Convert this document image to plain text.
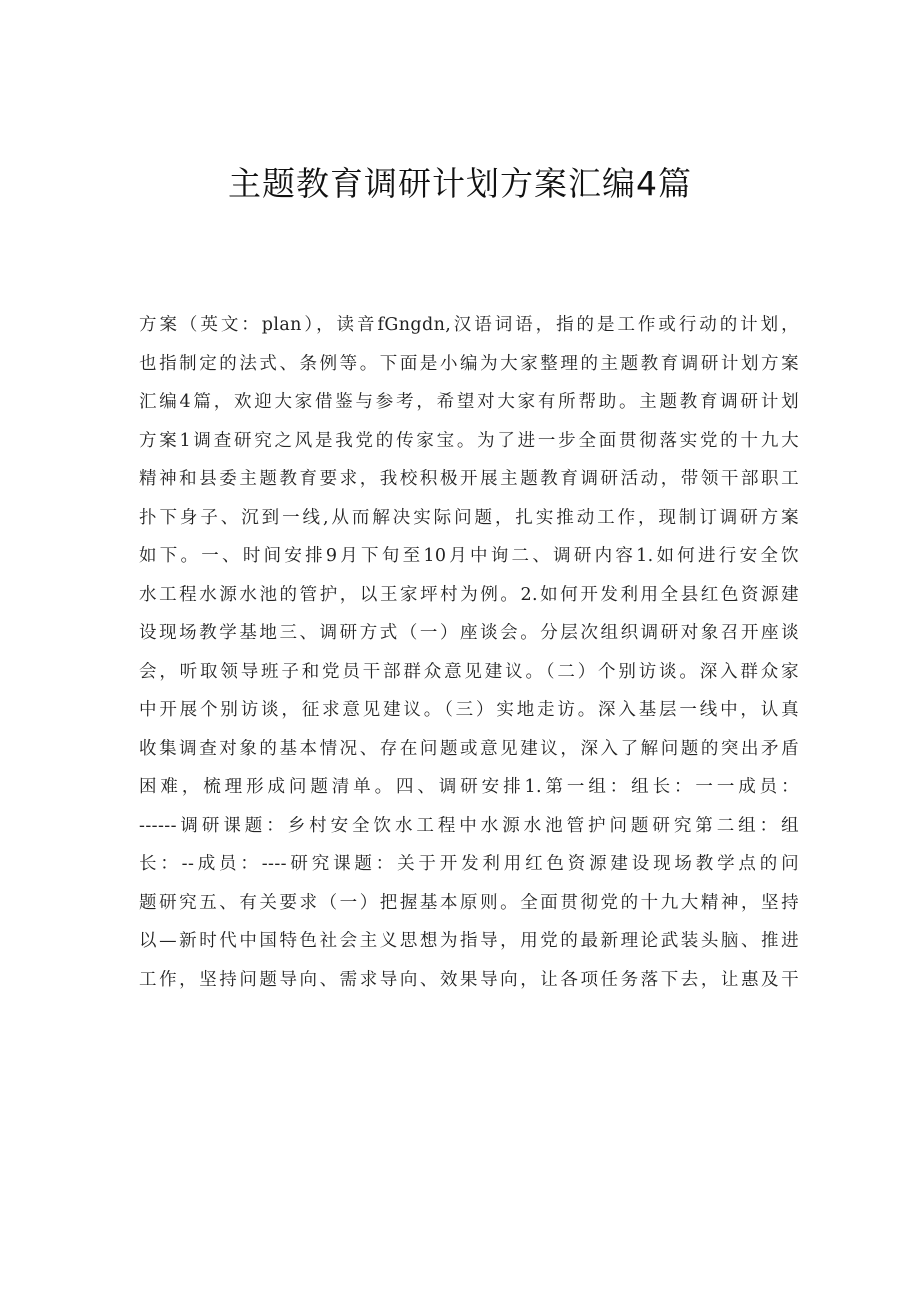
主题教育调研计划方案汇编4篇
方案（英文：plan），读音fGngdn,汉语词语，指的是工作或行动的计划，
也指制定的法式、条例等。下面是小编为大家整理的主题教育调研计划方案
汇编4篇，欢迎大家借鉴与参考，希望对大家有所帮助。主题教育调研计划
方案1调查研究之风是我党的传家宝。为了进一步全面贯彻落实党的十九大
精神和县委主题教育要求，我校积极开展主题教育调研活动，带领干部职工
扑下身子、沉到一线,从而解决实际问题，扎实推动工作，现制订调研方案
如下。一、时间安排9月下旬至10月中询二、调研内容1.如何进行安全饮
水工程水源水池的管护，以王家坪村为例。2.如何开发利用全县红色资源建
设现场教学基地三、调研方式（一）座谈会。分层次组织调研对象召开座谈
会，听取领导班子和党员干部群众意见建议。（二）个别访谈。深入群众家
中开展个别访谈，征求意见建议。（三）实地走访。深入基层一线中，认真
收集调查对象的基本情况、存在问题或意见建议，深入了解问题的突出矛盾
困难，梳理形成问题清单。四、调研安排1.第一组：组长：一一成员：
------调研课题：乡村安全饮水工程中水源水池管护问题研究第二组：组
长：--成员：----研究课题：关于开发利用红色资源建设现场教学点的问
题研究五、有关要求（一）把握基本原则。全面贯彻党的十九大精神，坚持
以—新时代中国特色社会主义思想为指导，用党的最新理论武装头脑、推进
工作，坚持问题导向、需求导向、效果导向，让各项任务落下去，让惠及干
